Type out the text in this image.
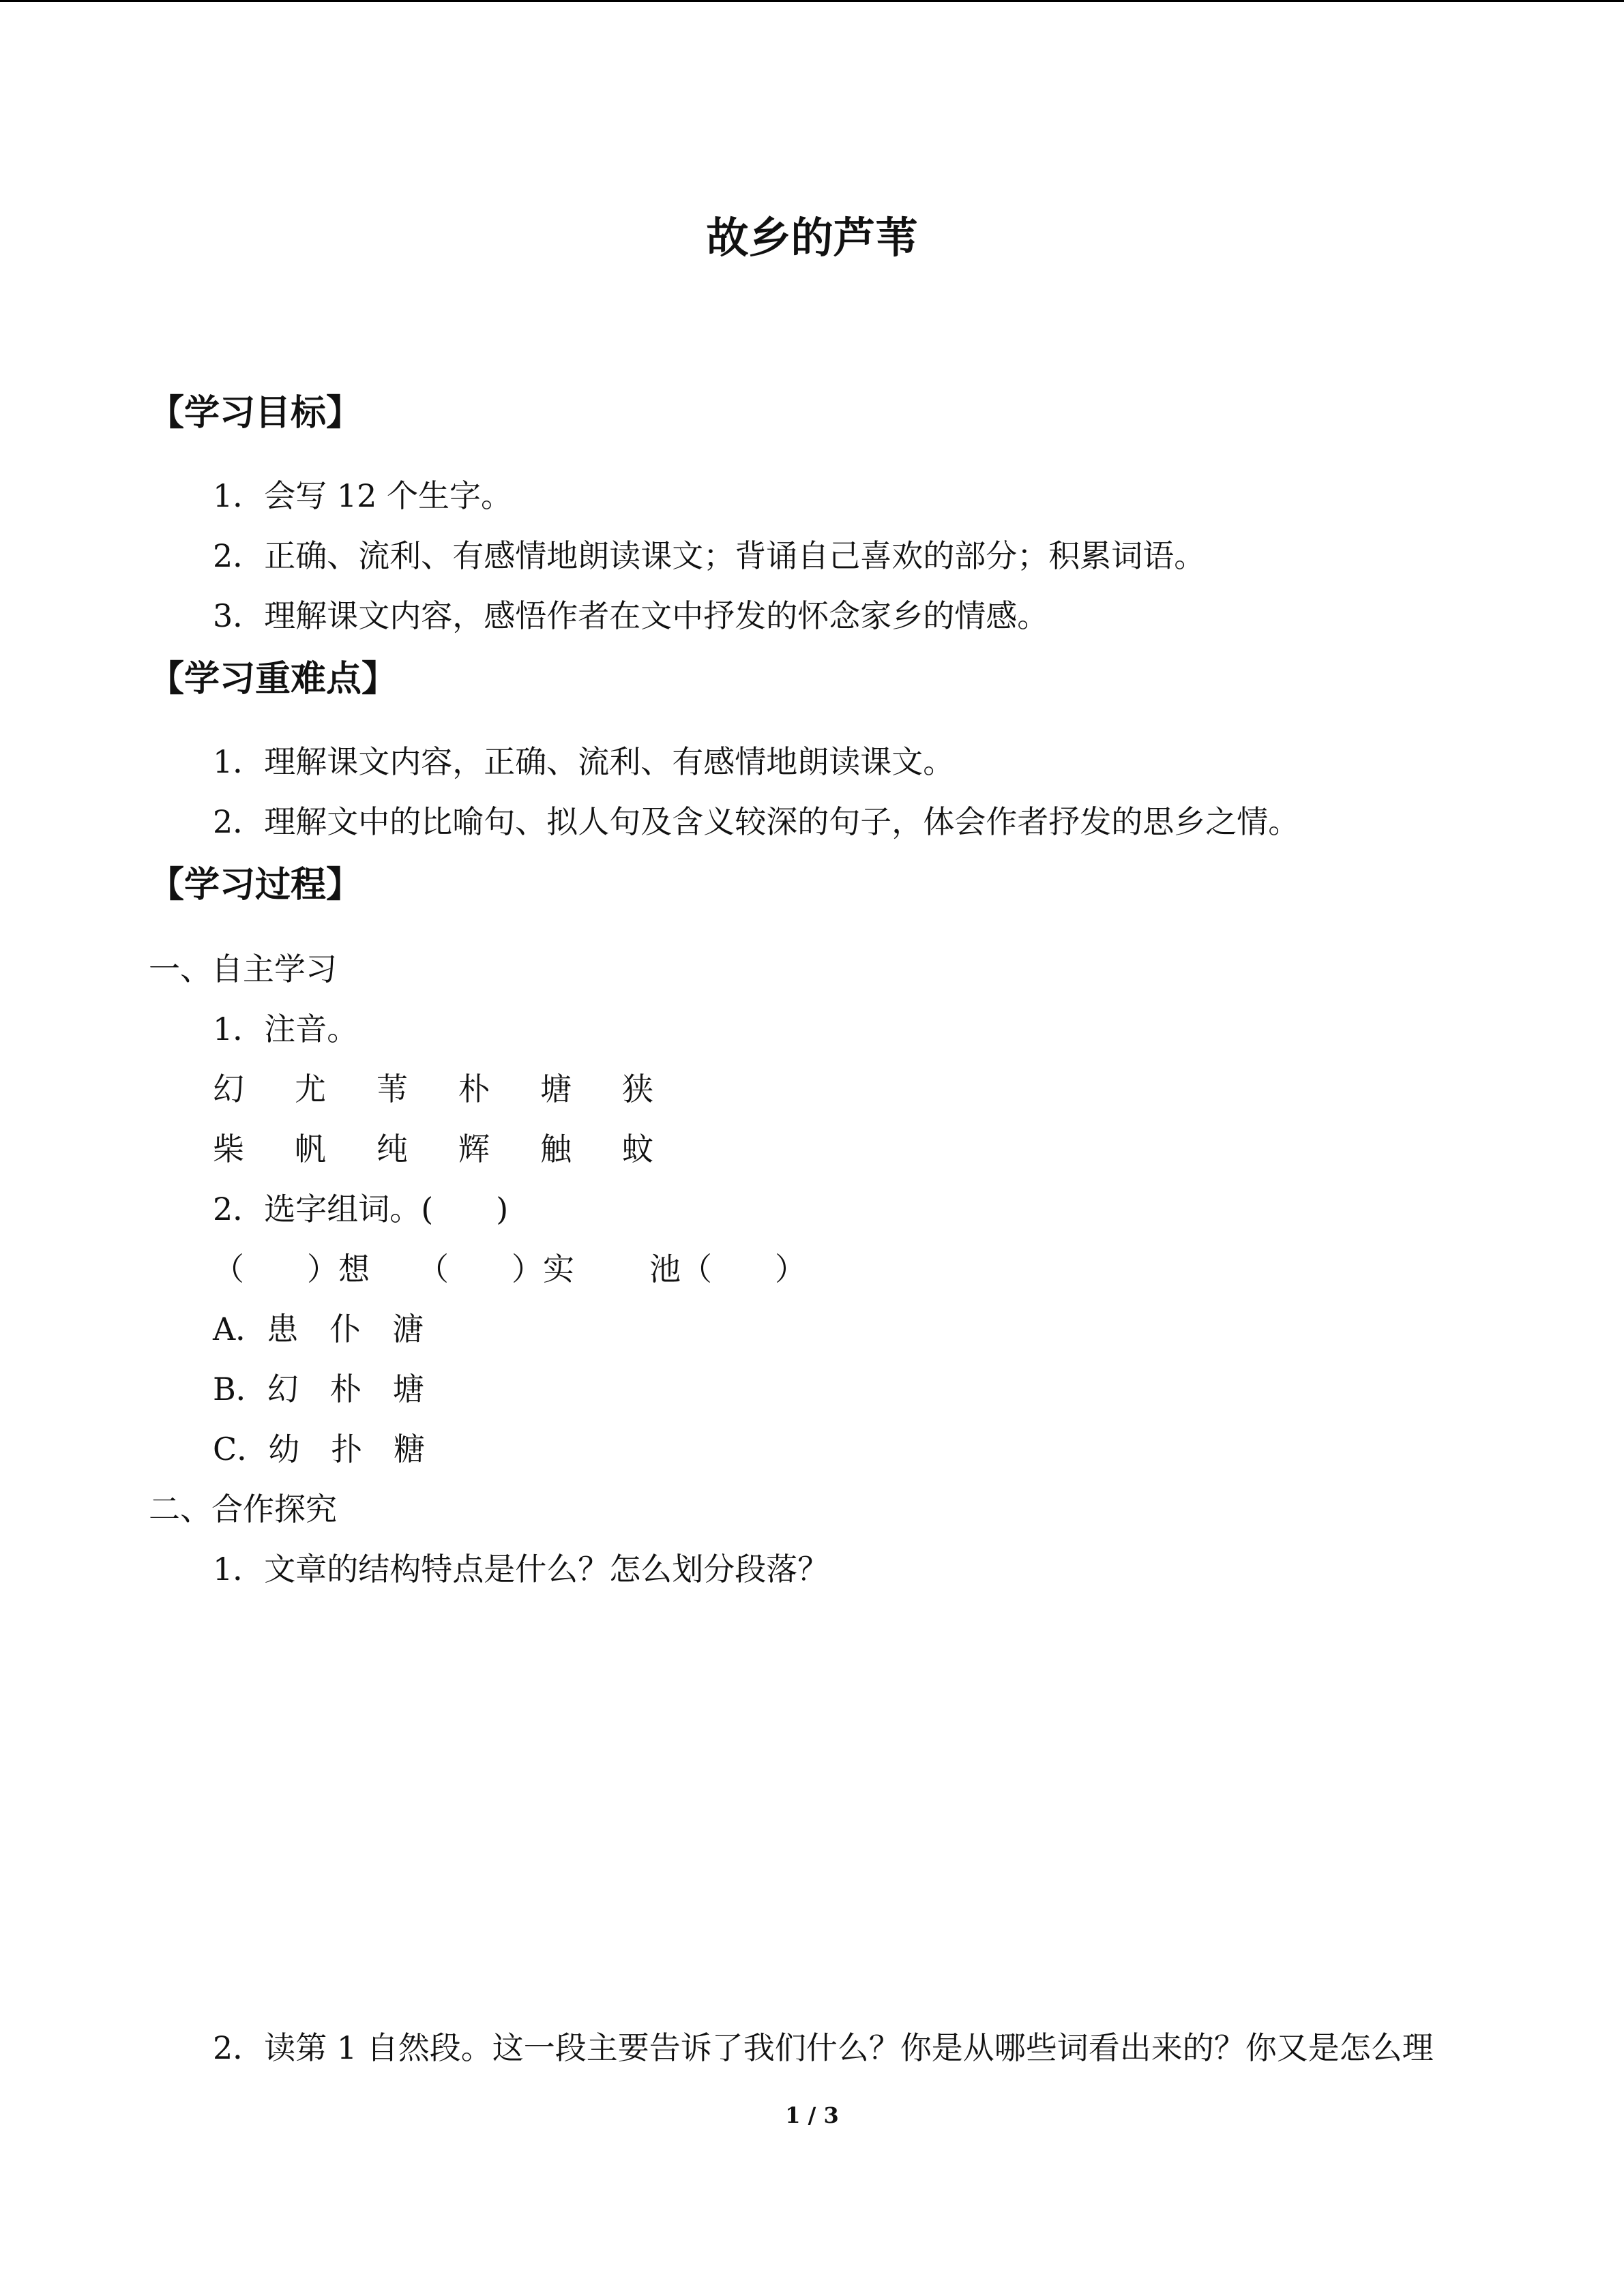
故乡的芦苇
【学习目标】
1．会写 12 个生字。
2．正确、流利、有感情地朗读课文；背诵自己喜欢的部分；积累词语。
3．理解课文内容，感悟作者在文中抒发的怀念家乡的情感。
【学习重难点】
1．理解课文内容，正确、流利、有感情地朗读课文。
2．理解文中的比喻句、拟人句及含义较深的句子，体会作者抒发的思乡之情。
【学习过程】
一、自主学习
1．注音。
幻 尤 苇 朴 塘 狭
柴 帆 纯 辉 触 蚊
2．选字组词。(　　)
（　　）想 （　　）实 池（　　）
A．患　仆　溏
B．幻　朴　塘
C．幼　扑　糖
二、合作探究
1．文章的结构特点是什么？怎么划分段落？
2．读第 1 自然段。这一段主要告诉了我们什么？你是从哪些词看出来的？你又是怎么理
1 / 3
